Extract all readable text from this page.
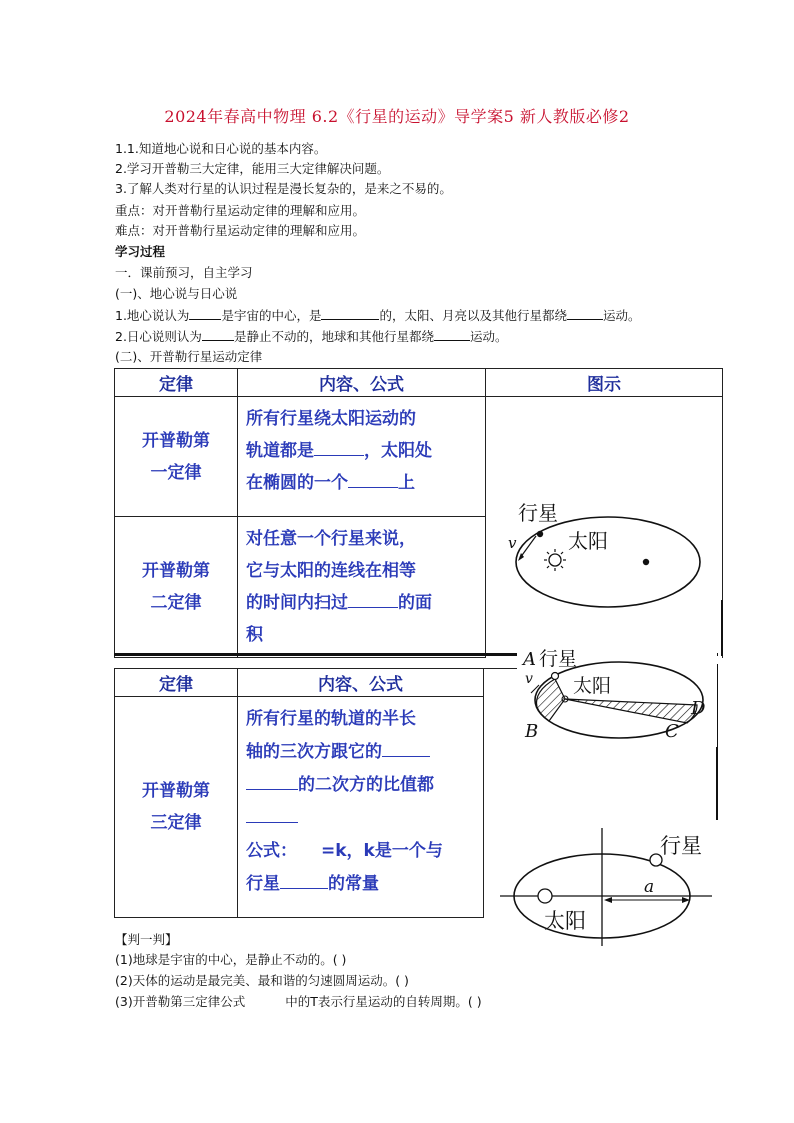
2024年春高中物理 6.2《行星的运动》导学案5 新人教版必修2
1.1.知道地心说和日心说的基本内容。
2.学习开普勒三大定律，能用三大定律解决问题。
3.了解人类对行星的认识过程是漫长复杂的，是来之不易的。
重点：对开普勒行星运动定律的理解和应用。
难点：对开普勒行星运动定律的理解和应用。
学习过程
一．课前预习，自主学习
(一)、地心说与日心说
1.地心说认为	是宇宙的中心，是	的，太阳、月亮以及其他行星都绕	运动。
2.日心说则认为	是静止不动的，地球和其他行星都绕	运动。
(二)、开普勒行星运动定律
定律	内容、公式	图示
开普勒第
一定律	所有行星绕太阳运动的
轨道都是 ，太阳处
在椭圆的一个 上	
开普勒第
二定律	对任意一个行星来说，
它与太阳的连线在相等
的时间内扫过 的面
积	
定律	内容、公式	
开普勒第
三定律	所有行星的轨道的半长
轴的三次方跟它的
的二次方的比值都

公式： =k，k是一个与
行星 的常量	
行星
v	太阳
A 行星
v 太阳
B	C
D
行星
太阳
a
【判一判】
(1)地球是宇宙的中心，是静止不动的。( )
(2)天体的运动是最完美、最和谐的匀速圆周运动。( )
(3)开普勒第三定律公式	中的T表示行星运动的自转周期。( )
